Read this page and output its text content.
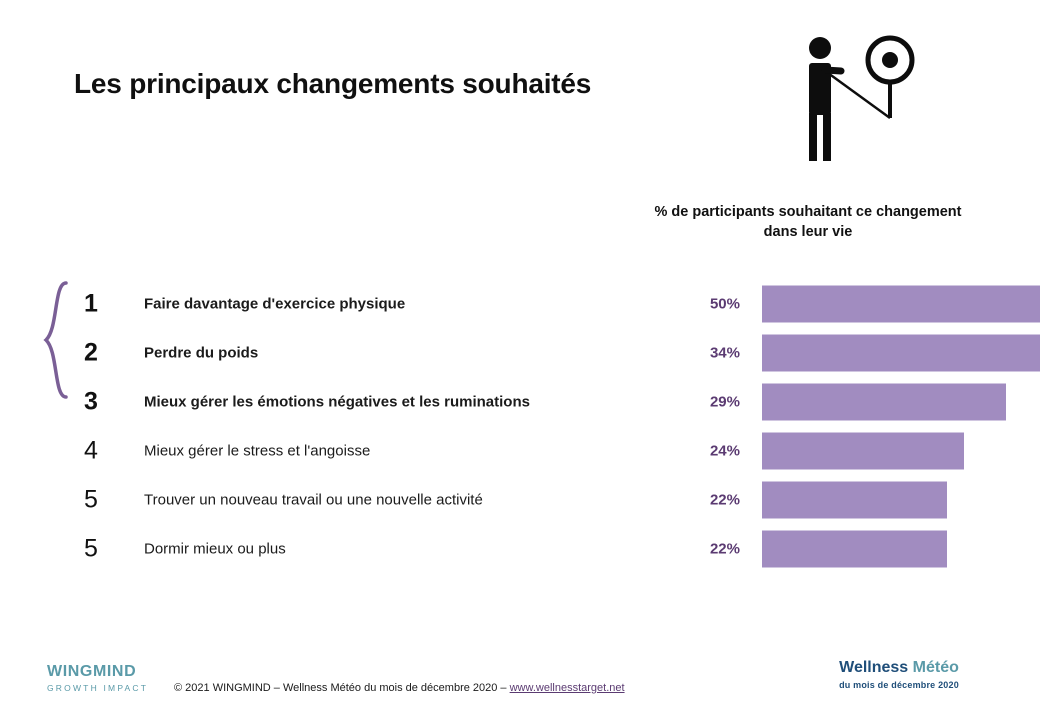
Les principaux changements souhaités
% de participants souhaitant ce changement dans leur vie
1	Faire davantage d'exercice physique	50%
2	Perdre du poids	34%
3	Mieux gérer les émotions négatives et les ruminations	29%
4	Mieux gérer le stress et l'angoisse	24%
5	Trouver un nouveau travail ou une nouvelle activité	22%
5	Dormir mieux ou plus	22%
WINGMIND
GROWTH IMPACT	© 2021 WINGMIND – Wellness Météo du mois de décembre 2020 – www.wellnesstarget.net
Wellness Météo
du mois de décembre 2020
